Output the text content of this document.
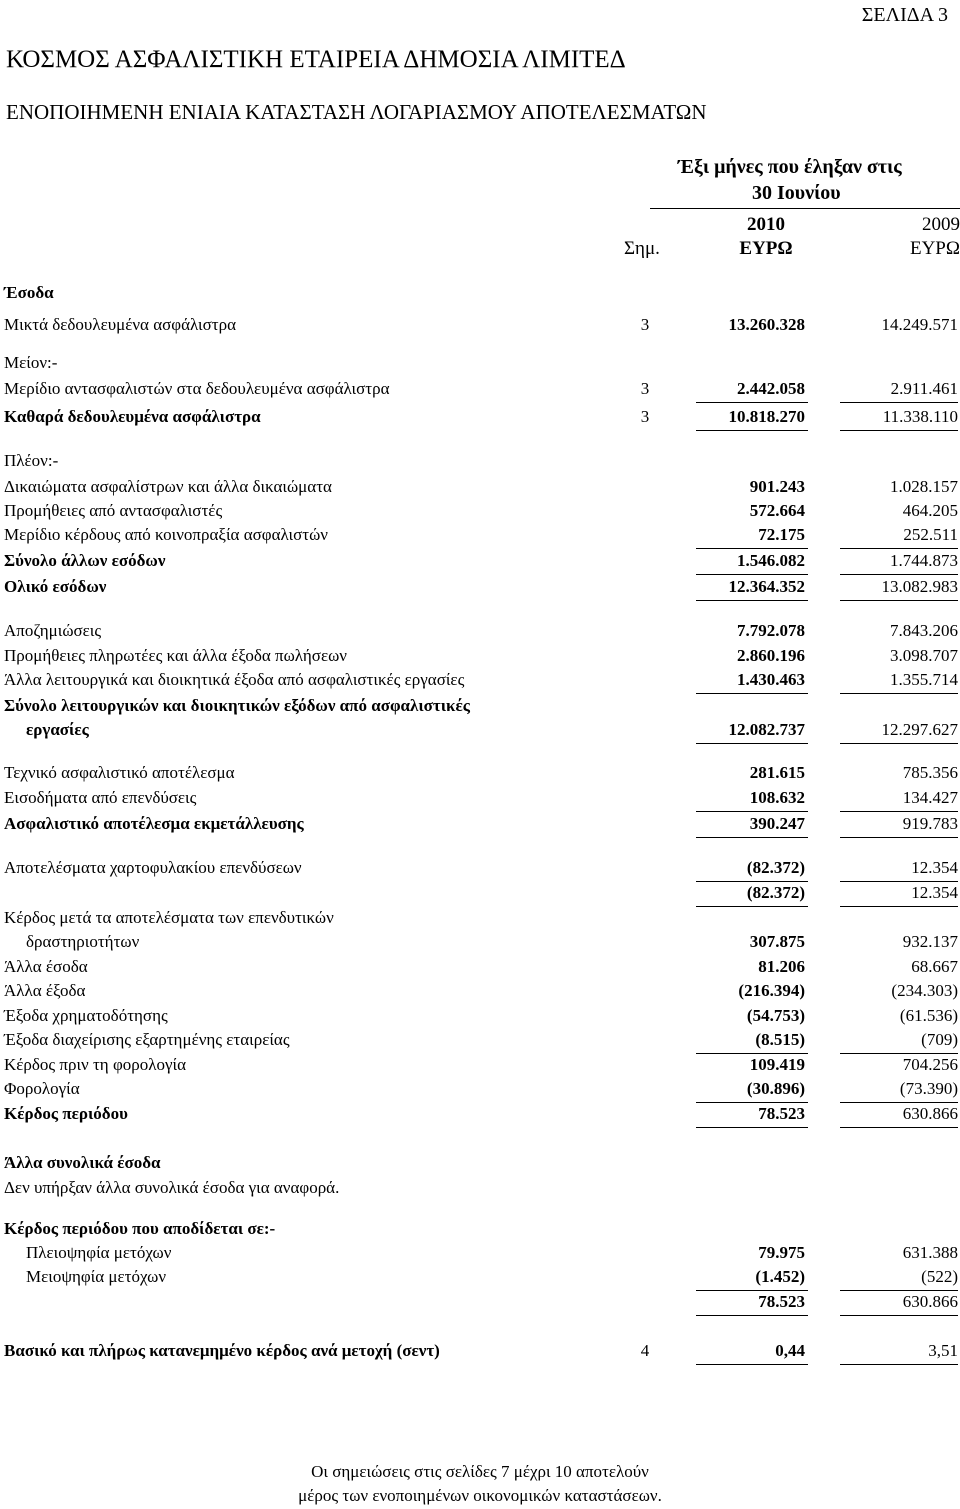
ΣΕΛΙΔΑ 3
ΚΟΣΜΟΣ ΑΣΦΑΛΙΣΤΙΚΗ ΕΤΑΙΡΕΙΑ ΔΗΜΟΣΙΑ ΛΙΜΙΤΕΔ
ΕΝΟΠΟΙΗΜΕΝΗ ΕΝΙΑΙΑ ΚΑΤΑΣΤΑΣΗ ΛΟΓΑΡΙΑΣΜΟΥ ΑΠΟΤΕΛΕΣΜΑΤΩΝ
Έξι μήνες που έληξαν στις
30 Ιουνίου
2010	2009
Σημ.	ΕΥΡΩ	ΕΥΡΩ
Έσοδα
Μικτά δεδουλευμένα ασφάλιστρα	3	13.260.328	14.249.571
Μείον:-
Μερίδιο αντασφαλιστών στα δεδουλευμένα ασφάλιστρα	3	2.442.058	2.911.461
Καθαρά δεδουλευμένα ασφάλιστρα	3	10.818.270	11.338.110
Πλέον:-
Δικαιώματα ασφαλίστρων και άλλα δικαιώματα	901.243	1.028.157
Προμήθειες από αντασφαλιστές	572.664	464.205
Μερίδιο κέρδους από κοινοπραξία ασφαλιστών	72.175	252.511
Σύνολο άλλων εσόδων	1.546.082	1.744.873
Ολικό εσόδων	12.364.352	13.082.983
Αποζημιώσεις	7.792.078	7.843.206
Προμήθειες πληρωτέες και άλλα έξοδα πωλήσεων	2.860.196	3.098.707
Άλλα λειτουργικά και διοικητικά έξοδα από ασφαλιστικές εργασίες	1.430.463	1.355.714
Σύνολο λειτουργικών και διοικητικών εξόδων από ασφαλιστικές
εργασίες	12.082.737	12.297.627
Τεχνικό ασφαλιστικό αποτέλεσμα	281.615	785.356
Εισοδήματα από επενδύσεις	108.632	134.427
Ασφαλιστικό αποτέλεσμα εκμετάλλευσης	390.247	919.783
Αποτελέσματα χαρτοφυλακίου επενδύσεων	(82.372)	12.354
(82.372)	12.354
Κέρδος μετά τα αποτελέσματα των επενδυτικών
δραστηριοτήτων	307.875	932.137
Άλλα έσοδα	81.206	68.667
Άλλα έξοδα	(216.394)	(234.303)
Έξοδα χρηματοδότησης	(54.753)	(61.536)
Έξοδα διαχείρισης εξαρτημένης εταιρείας	(8.515)	(709)
Κέρδος πριν τη φορολογία	109.419	704.256
Φορολογία	(30.896)	(73.390)
Κέρδος περιόδου	78.523	630.866
Άλλα συνολικά έσοδα
Δεν υπήρξαν άλλα συνολικά έσοδα για αναφορά.
Κέρδος περιόδου που αποδίδεται σε:-
Πλειοψηφία μετόχων	79.975	631.388
Μειοψηφία μετόχων	(1.452)	(522)
78.523	630.866
Βασικό και πλήρως κατανεμημένο κέρδος ανά μετοχή (σεντ)	4	0,44	3,51
Οι σημειώσεις στις σελίδες 7 μέχρι 10 αποτελούν
μέρος των ενοποιημένων οικονομικών καταστάσεων.
